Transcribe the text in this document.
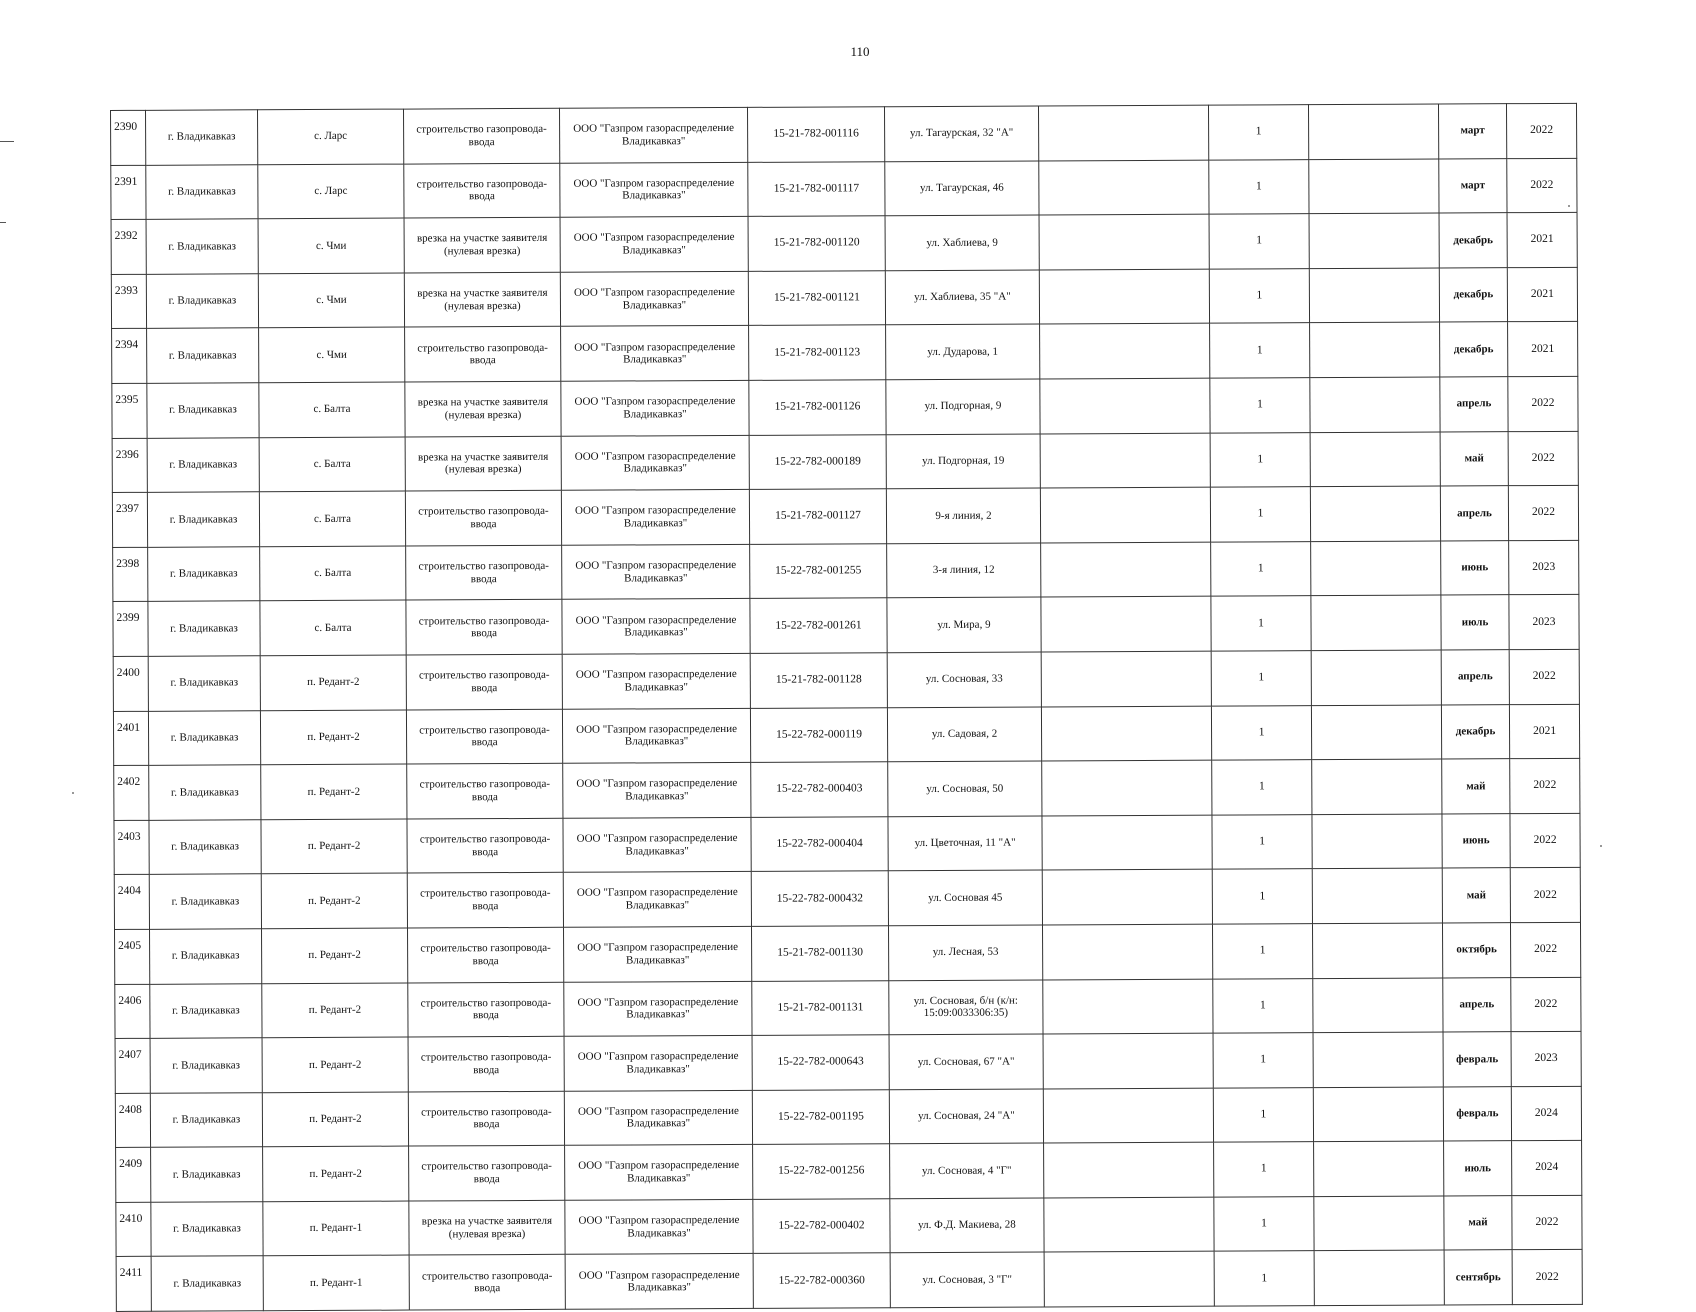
110
2390	г. Владикавказ	с. Ларс	строительство газопровода-ввода	ООО "Газпром газораспределение Владикавказ"	15-21-782-001116	ул. Тагаурская, 32 "А"		1		март	2022
2391	г. Владикавказ	с. Ларс	строительство газопровода-ввода	ООО "Газпром газораспределение Владикавказ"	15-21-782-001117	ул. Тагаурская, 46		1		март	2022
2392	г. Владикавказ	с. Чми	врезка на участке заявителя (нулевая врезка)	ООО "Газпром газораспределение Владикавказ"	15-21-782-001120	ул. Хаблиева, 9		1		декабрь	2021
2393	г. Владикавказ	с. Чми	врезка на участке заявителя (нулевая врезка)	ООО "Газпром газораспределение Владикавказ"	15-21-782-001121	ул. Хаблиева, 35 "А"		1		декабрь	2021
2394	г. Владикавказ	с. Чми	строительство газопровода-ввода	ООО "Газпром газораспределение Владикавказ"	15-21-782-001123	ул. Дударова, 1		1		декабрь	2021
2395	г. Владикавказ	с. Балта	врезка на участке заявителя (нулевая врезка)	ООО "Газпром газораспределение Владикавказ"	15-21-782-001126	ул. Подгорная, 9		1		апрель	2022
2396	г. Владикавказ	с. Балта	врезка на участке заявителя (нулевая врезка)	ООО "Газпром газораспределение Владикавказ"	15-22-782-000189	ул. Подгорная, 19		1		май	2022
2397	г. Владикавказ	с. Балта	строительство газопровода-ввода	ООО "Газпром газораспределение Владикавказ"	15-21-782-001127	9-я линия, 2		1		апрель	2022
2398	г. Владикавказ	с. Балта	строительство газопровода-ввода	ООО "Газпром газораспределение Владикавказ"	15-22-782-001255	3-я линия, 12		1		июнь	2023
2399	г. Владикавказ	с. Балта	строительство газопровода-ввода	ООО "Газпром газораспределение Владикавказ"	15-22-782-001261	ул. Мира, 9		1		июль	2023
2400	г. Владикавказ	п. Редант-2	строительство газопровода-ввода	ООО "Газпром газораспределение Владикавказ"	15-21-782-001128	ул. Сосновая, 33		1		апрель	2022
2401	г. Владикавказ	п. Редант-2	строительство газопровода-ввода	ООО "Газпром газораспределение Владикавказ"	15-22-782-000119	ул. Садовая, 2		1		декабрь	2021
2402	г. Владикавказ	п. Редант-2	строительство газопровода-ввода	ООО "Газпром газораспределение Владикавказ"	15-22-782-000403	ул. Сосновая, 50		1		май	2022
2403	г. Владикавказ	п. Редант-2	строительство газопровода-ввода	ООО "Газпром газораспределение Владикавказ"	15-22-782-000404	ул. Цветочная, 11 "А"		1		июнь	2022
2404	г. Владикавказ	п. Редант-2	строительство газопровода-ввода	ООО "Газпром газораспределение Владикавказ"	15-22-782-000432	ул. Сосновая 45		1		май	2022
2405	г. Владикавказ	п. Редант-2	строительство газопровода-ввода	ООО "Газпром газораспределение Владикавказ"	15-21-782-001130	ул. Лесная, 53		1		октябрь	2022
2406	г. Владикавказ	п. Редант-2	строительство газопровода-ввода	ООО "Газпром газораспределение Владикавказ"	15-21-782-001131	ул. Сосновая, б/н (к/н: 15:09:0033306:35)		1		апрель	2022
2407	г. Владикавказ	п. Редант-2	строительство газопровода-ввода	ООО "Газпром газораспределение Владикавказ"	15-22-782-000643	ул. Сосновая, 67 "А"		1		февраль	2023
2408	г. Владикавказ	п. Редант-2	строительство газопровода-ввода	ООО "Газпром газораспределение Владикавказ"	15-22-782-001195	ул. Сосновая, 24 "А"		1		февраль	2024
2409	г. Владикавказ	п. Редант-2	строительство газопровода-ввода	ООО "Газпром газораспределение Владикавказ"	15-22-782-001256	ул. Сосновая, 4 "Г"		1		июль	2024
2410	г. Владикавказ	п. Редант-1	врезка на участке заявителя (нулевая врезка)	ООО "Газпром газораспределение Владикавказ"	15-22-782-000402	ул. Ф.Д. Макиева, 28		1		май	2022
2411	г. Владикавказ	п. Редант-1	строительство газопровода-ввода	ООО "Газпром газораспределение Владикавказ"	15-22-782-000360	ул. Сосновая, 3 "Г"		1		сентябрь	2022
